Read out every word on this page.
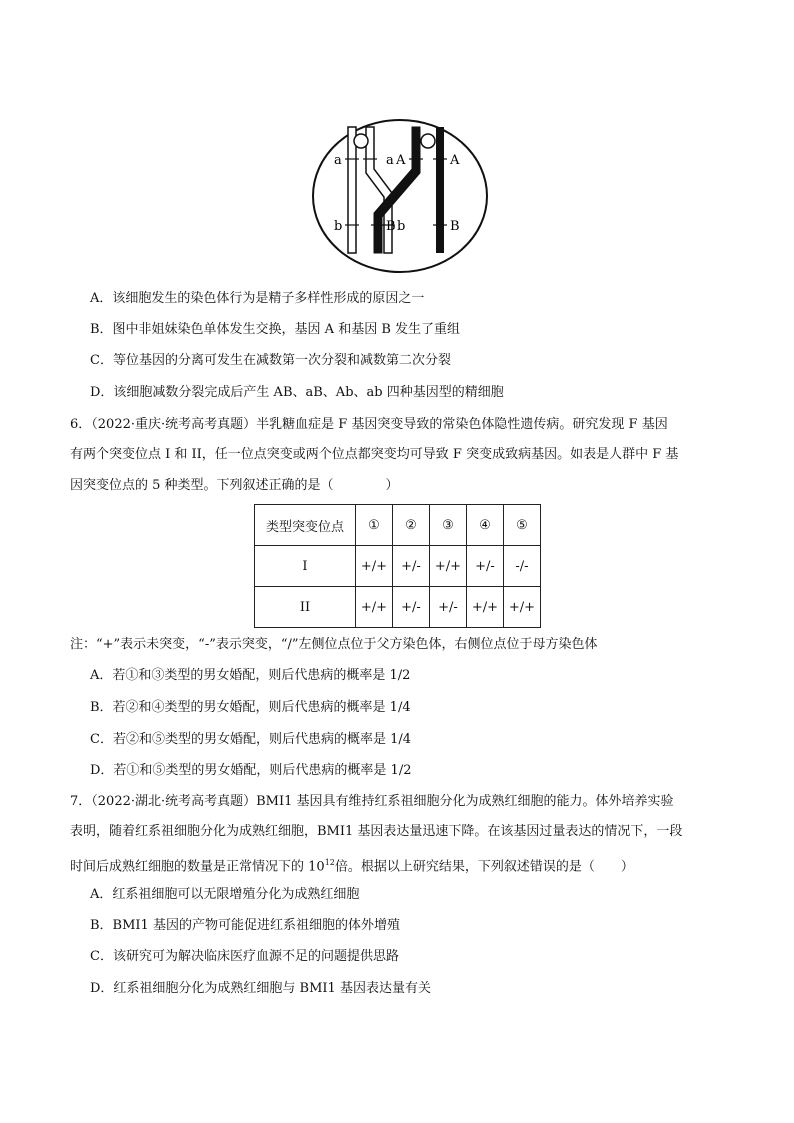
a	a A	A
b	B b	B
A．该细胞发生的染色体行为是精子多样性形成的原因之一
B．图中非姐妹染色单体发生交换，基因 A 和基因 B 发生了重组
C．等位基因的分离可发生在减数第一次分裂和减数第二次分裂
D．该细胞减数分裂完成后产生 AB、aB、Ab、ab 四种基因型的精细胞
6．（2022·重庆·统考高考真题）半乳糖血症是 F 基因突变导致的常染色体隐性遗传病。研究发现 F 基因
有两个突变位点 I 和 II，任一位点突变或两个位点都突变均可导致 F 突变成致病基因。如表是人群中 F 基
因突变位点的 5 种类型。下列叙述正确的是（　　　　）
类型突变位点	①	②	③	④	⑤
I	+/+	+/-	+/+	+/-	-/-
II	+/+	+/-	+/-	+/+	+/+
注：“+”表示未突变，“-”表示突变，“/”左侧位点位于父方染色体，右侧位点位于母方染色体
A．若①和③类型的男女婚配，则后代患病的概率是 1/2
B．若②和④类型的男女婚配，则后代患病的概率是 1/4
C．若②和⑤类型的男女婚配，则后代患病的概率是 1/4
D．若①和⑤类型的男女婚配，则后代患病的概率是 1/2
7．（2022·湖北·统考高考真题）BMI1 基因具有维持红系祖细胞分化为成熟红细胞的能力。体外培养实验
表明，随着红系祖细胞分化为成熟红细胞，BMI1 基因表达量迅速下降。在该基因过量表达的情况下，一段
时间后成熟红细胞的数量是正常情况下的 $10^{12}$倍。根据以上研究结果，下列叙述错误的是（　　）
A．红系祖细胞可以无限增殖分化为成熟红细胞
B．BMI1 基因的产物可能促进红系祖细胞的体外增殖
C．该研究可为解决临床医疗血源不足的问题提供思路
D．红系祖细胞分化为成熟红细胞与 BMI1 基因表达量有关
